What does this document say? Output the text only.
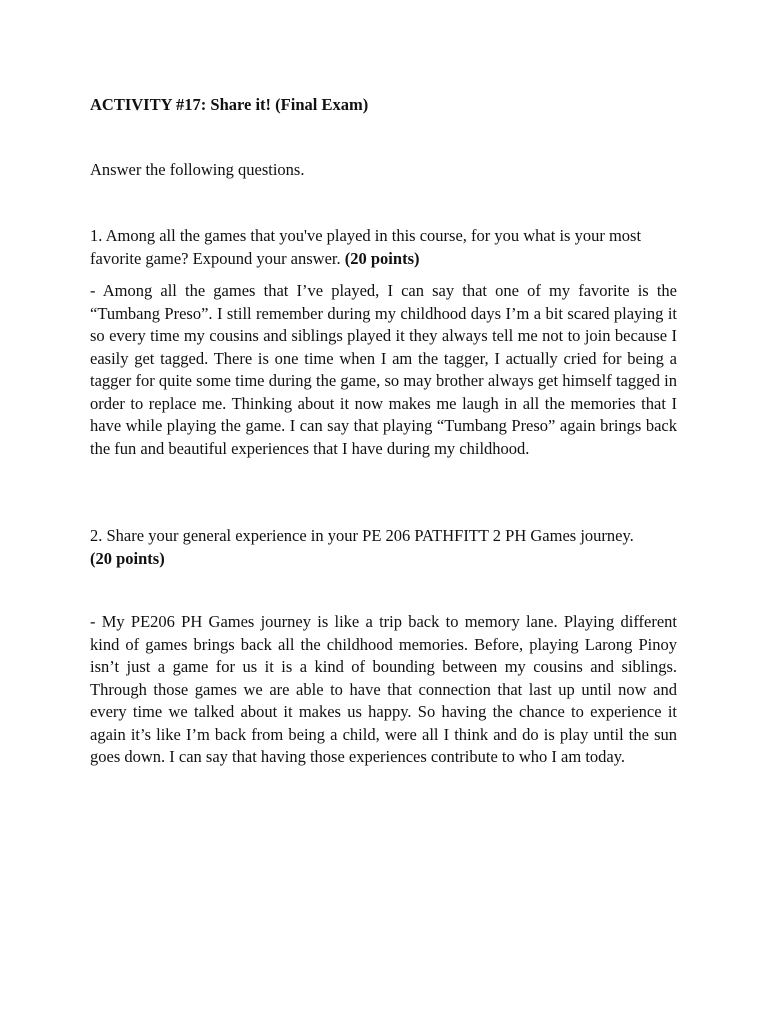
ACTIVITY #17: Share it! (Final Exam)

Answer the following questions.

1. Among all the games that you've played in this course, for you what is your most favorite game? Expound your answer. (20 points)

- Among all the games that I’ve played, I can say that one of my favorite is the “Tumbang Preso”. I still remember during my childhood days I’m a bit scared playing it so every time my cousins and siblings played it they always tell me not to join because I easily get tagged. There is one time when I am the tagger, I actually cried for being a tagger for quite some time during the game, so may brother always get himself tagged in order to replace me. Thinking about it now makes me laugh in all the memories that I have while playing the game. I can say that playing “Tumbang Preso” again brings back the fun and beautiful experiences that I have during my childhood.

2. Share your general experience in your PE 206 PATHFITT 2 PH Games journey.
(20 points)

- My PE206 PH Games journey is like a trip back to memory lane. Playing different kind of games brings back all the childhood memories. Before, playing Larong Pinoy isn’t just a game for us it is a kind of bounding between my cousins and siblings. Through those games we are able to have that connection that last up until now and every time we talked about it makes us happy. So having the chance to experience it again it’s like I’m back from being a child, were all I think and do is play until the sun goes down. I can say that having those experiences contribute to who I am today.
